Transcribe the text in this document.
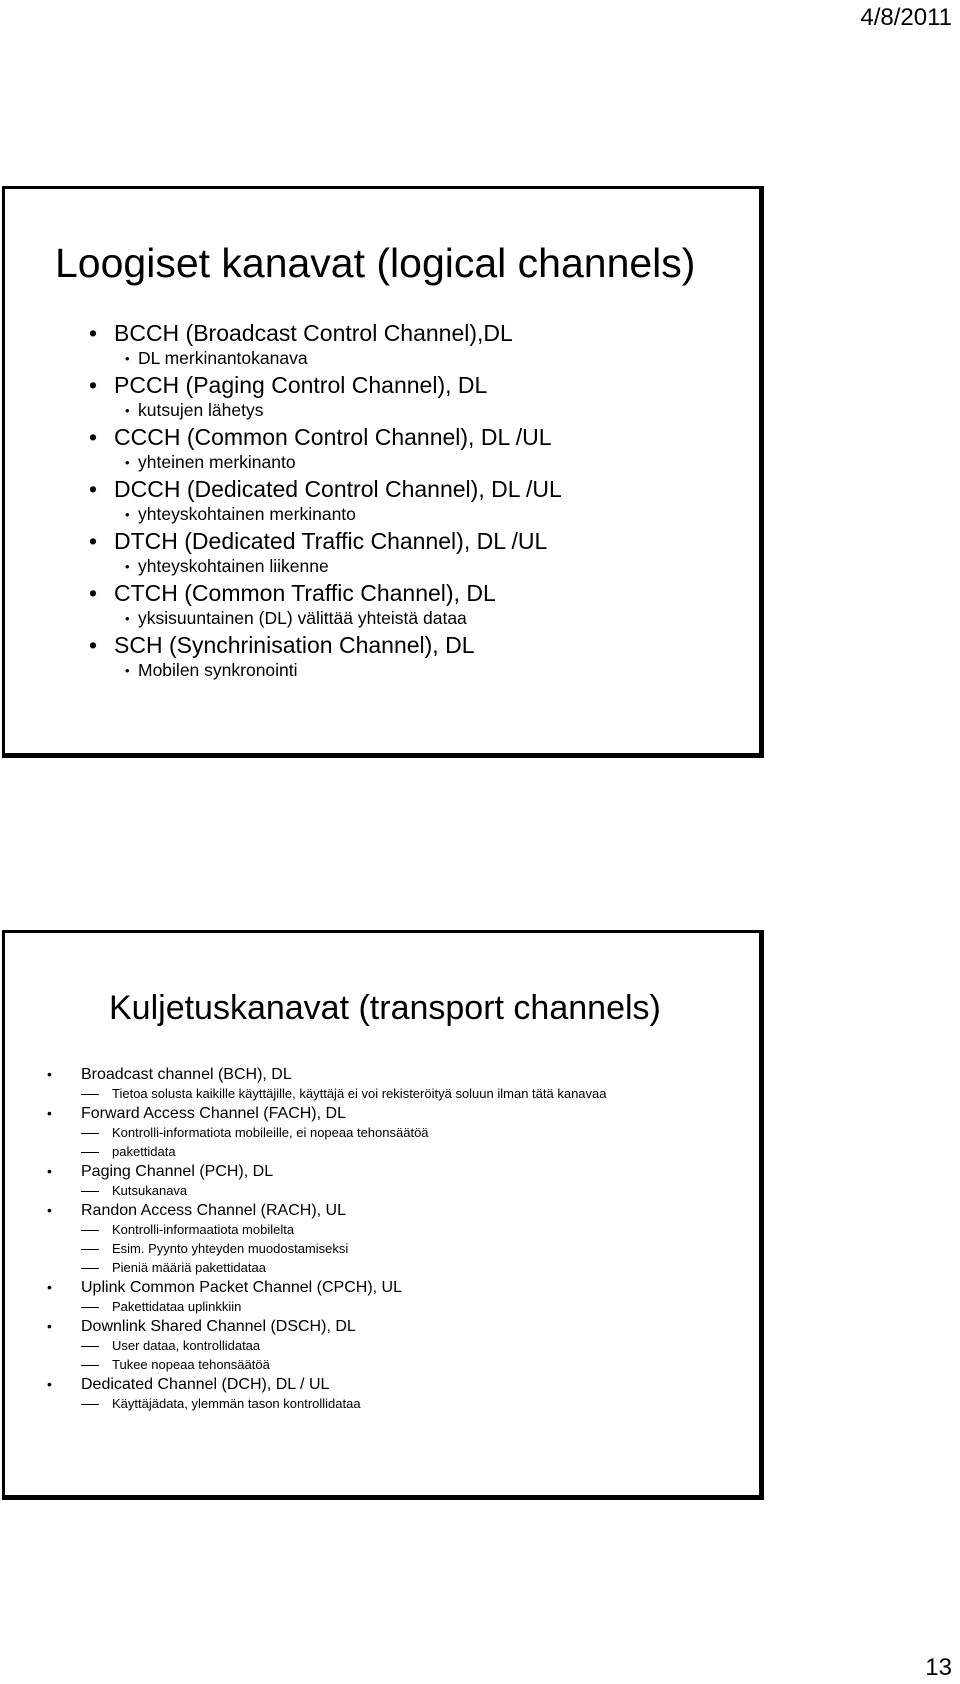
4/8/2011
Loogiset kanavat (logical channels)
• BCCH (Broadcast Control Channel),DL
• DL merkinantokanava
• PCCH (Paging Control Channel), DL
• kutsujen lähetys
• CCCH (Common Control Channel), DL /UL
• yhteinen merkinanto
• DCCH (Dedicated Control Channel), DL /UL
• yhteyskohtainen merkinanto
• DTCH (Dedicated Traffic Channel), DL /UL
• yhteyskohtainen liikenne
• CTCH (Common Traffic Channel), DL
• yksisuuntainen (DL) välittää yhteistä dataa
• SCH (Synchrinisation Channel), DL
• Mobilen synkronointi
Kuljetuskanavat (transport channels)
• Broadcast channel (BCH), DL
Tietoa solusta kaikille käyttäjille, käyttäjä ei voi rekisteröityä soluun ilman tätä kanavaa
• Forward Access Channel (FACH), DL
Kontrolli-informatiota mobileille, ei nopeaa tehonsäätöä
pakettidata
• Paging Channel (PCH), DL
Kutsukanava
• Randon Access Channel (RACH), UL
Kontrolli-informaatiota mobilelta
Esim. Pyynto yhteyden muodostamiseksi
Pieniä määriä pakettidataa
• Uplink Common Packet Channel (CPCH), UL
Pakettidataa uplinkkiin
• Downlink Shared Channel (DSCH), DL
User dataa, kontrollidataa
Tukee nopeaa tehonsäätöä
• Dedicated Channel (DCH), DL / UL
Käyttäjädata, ylemmän tason kontrollidataa
13
